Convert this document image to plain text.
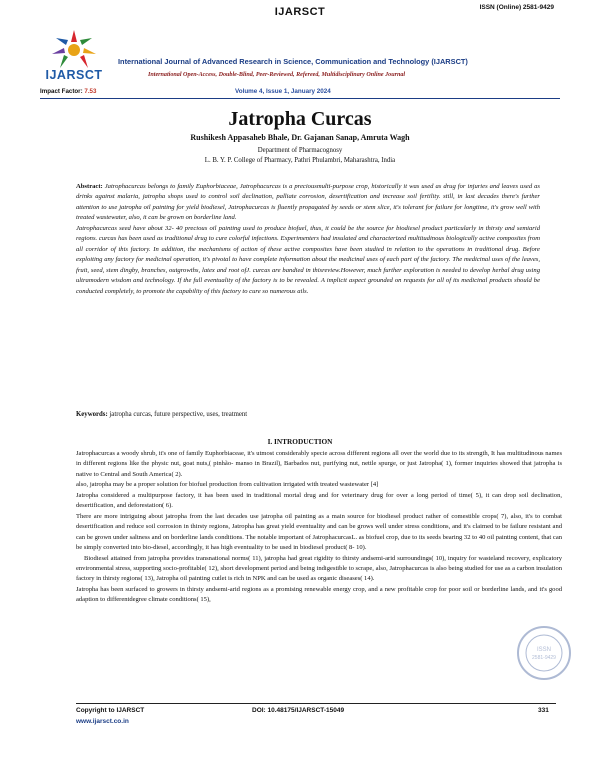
IJARSCT	ISSN (Online) 2581-9429
IJARSCT
International Journal of Advanced Research in Science, Communication and Technology (IJARSCT)
International Open-Access, Double-Blind, Peer-Reviewed, Refereed, Multidisciplinary Online Journal
Impact Factor: 7.53	Volume 4, Issue 1, January 2024
Jatropha Curcas
Rushikesh Appasaheb Bhale, Dr. Gajanan Sanap, Amruta Wagh
Department of Pharmacognosy
L. B. Y. P. College of Pharmacy, Pathri Phulambri, Maharashtra, India

Abstract: Jatrophacurcas belongs to family Euphorbiaceae, Jatrophacurcas is a preciousmulti-purpose crop, historically it was used as drug for injuries and leaves used as drinks against malaria, jatropha shops used to control soil declination, palliate corrosion, desertification and increase soil fertility. still, in last decades there's further attention to use jatropha oil painting for yield biodiesel, Jatrophacurcas is fluently propagated by seeds or stem slice, it's tolerant for failure for longtime, it's grow well with treated wastewater, also, it can be grown on borderline land.

Jatrophacurcas seed have about 32- 40 precious oil painting used to produce biofuel, thus, it could be the source for biodiesel product particularly in thirsty and semiarid regions. curcas has been used as traditional drug to cure colorful infections. Experimenters had insulated and characterized multitudinous biologically active composites from all corridor of this factory. In addition, the mechanisms of action of these active composites have been studied in relation to the operations in traditional drug. Before exploiting any factory for medicinal operation, it's pivotal to have complete information about the medicinal uses of each part of the factory. The medicinal uses of the leaves, fruit, seed, stem dingby, branches, outgrowths, latex and root ofJ. curcas are bandied in thisreview.However, much further exploration is needed to develop herbal drug using ultramodern wisdom and technology. If the full eventuality of the factory is to be revealed. A implicit aspect grounded on requests for all of its medicinal products should be conducted completely, to promote the capability of this factory to cure so numerous ails.

Keywords: jatropha curcas, future perspective, uses, treatment
I. INTRODUCTION

Jatrophacurcas a woody shrub, it's one of family Euphorbiaceae, it's utmost considerably specie across different regions all over the world due to its strength, It has multitudinous names in different regions like the physic nut, goat nuts,( pinhão- manso in Brazil), Barbados nut, purifying nut, nettle spurge, or just Jatropha( 1), former inquiries showed that jatropha is native to Central and South America( 2).

also, jatropha may be a proper solution for biofuel production from cultivation irrigated with treated wastewater [4]

Jatropha considered a multipurpose factory, it has been used in traditional mortal drug and for veterinary drug for over a long period of time( 5), it can drop soil declination, desertification, and deforestation( 6).

There are more intriguing about jatropha from the last decades use jatropha oil painting as a main source for biodiesel product rather of comestible crops( 7), also, it's to combat desertification and reduce soil corrosion in thirsty regions, Jatropha has great yield eventuality and can be grows well under stress conditions, and it's claimed to be failure resistant and can be grown under saltness and on borderline lands conditions. The notable important of JatrophacurcasL. as biofuel crop, due to its seeds bearing 32 to 40 oil painting content, that can be simply converted into bio-diesel, accordingly, it has high eventuality to be used in biodiesel product( 8- 10).

Biodiesel attained from jatropha provides transnational norms( 11), jatropha had great rigidity to thirsty andsemi-arid surroundings( 10), inquiry for wasteland recovery, explicatory environmental stress, supporting socio-profitable( 12), short development period and being indigestible to scrape, also, Jatrophacurcas is also being studied for use as a carbon insulation factory in thirsty regions( 13), Jatropha oil painting cutlet is rich in NPK and can be used as organic diseases( 14).

Jatropha has been surfaced to growers in thirsty andsemi-arid regions as a promising renewable energy crop, and a new profitable crop for poor soil or borderline lands, and it's good adaption to differentdegree climate conditions( 15),

ISSN
2581-9429
Copyright to IJARSCT
www.ijarsct.co.in
DOI: 10.48175/IJARSCT-15049	331
